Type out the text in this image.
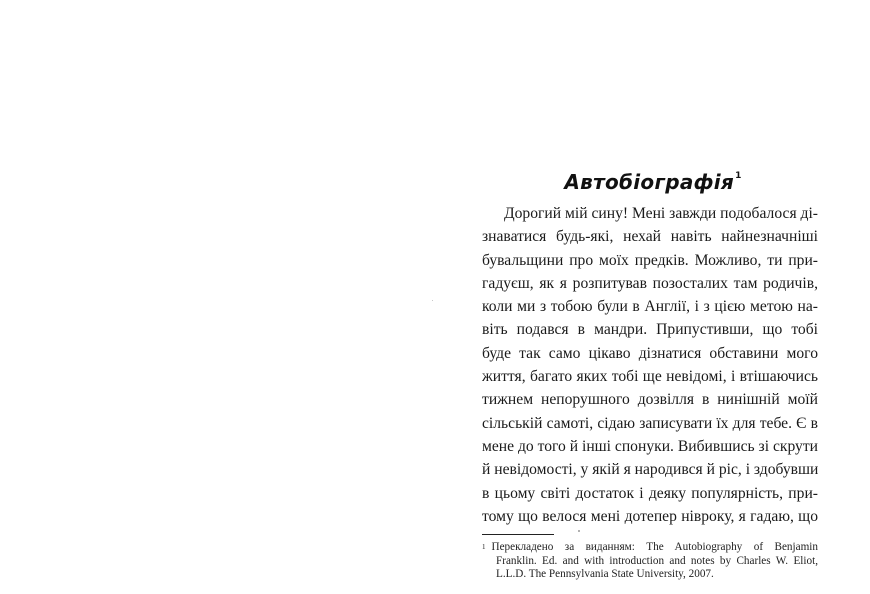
Автобіографія$^1$
Дорогий мій сину! Мені завжди подобалося ді-
знаватися будь-які, нехай навіть найнезначніші
бувальщини про моїх предків. Можливо, ти при-
гадуєш, як я розпитував позосталих там родичів,
коли ми з тобою були в Англії, і з цією метою на-
віть подався в мандри. Припустивши, що тобі
буде так само цікаво дізнатися обставини мого
життя, багато яких тобі ще невідомі, і втішаючись
тижнем непорушного дозвілля в нинішній моїй
сільській самоті, сідаю записувати їх для тебе. Є в
мене до того й інші спонуки. Вибившись зі скрути
й невідомості, у якій я народився й ріс, і здобувши
в цьому світі достаток і деяку популярність, при-
тому що велося мені дотепер нівроку, я гадаю, що
$^1$ Перекладено за виданням: The Autobiography of Benjamin
Franklin. Ed. and with introduction and notes by Charles W. Eliot,
L.L.D. The Pennsylvania State University, 2007.
